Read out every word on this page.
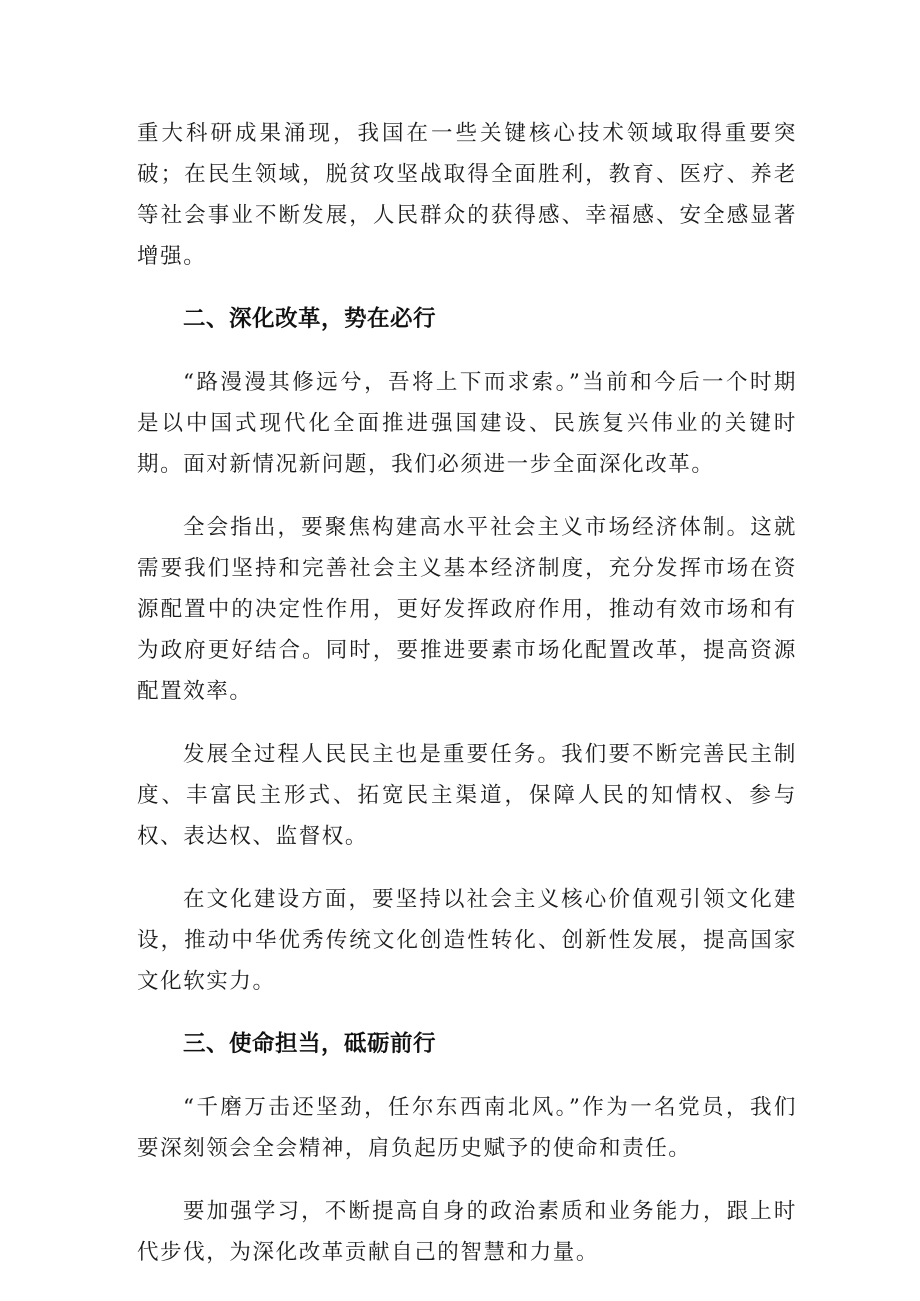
重大科研成果涌现，我国在一些关键核心技术领域取得重要突破；在民生领域，脱贫攻坚战取得全面胜利，教育、医疗、养老等社会事业不断发展，人民群众的获得感、幸福感、安全感显著增强。

二、深化改革，势在必行

“路漫漫其修远兮，吾将上下而求索。”当前和今后一个时期是以中国式现代化全面推进强国建设、民族复兴伟业的关键时期。面对新情况新问题，我们必须进一步全面深化改革。

全会指出，要聚焦构建高水平社会主义市场经济体制。这就需要我们坚持和完善社会主义基本经济制度，充分发挥市场在资源配置中的决定性作用，更好发挥政府作用，推动有效市场和有为政府更好结合。同时，要推进要素市场化配置改革，提高资源配置效率。

发展全过程人民民主也是重要任务。我们要不断完善民主制度、丰富民主形式、拓宽民主渠道，保障人民的知情权、参与权、表达权、监督权。

在文化建设方面，要坚持以社会主义核心价值观引领文化建设，推动中华优秀传统文化创造性转化、创新性发展，提高国家文化软实力。

三、使命担当，砥砺前行

“千磨万击还坚劲，任尔东西南北风。”作为一名党员，我们要深刻领会全会精神，肩负起历史赋予的使命和责任。

要加强学习，不断提高自身的政治素质和业务能力，跟上时代步伐，为深化改革贡献自己的智慧和力量。
